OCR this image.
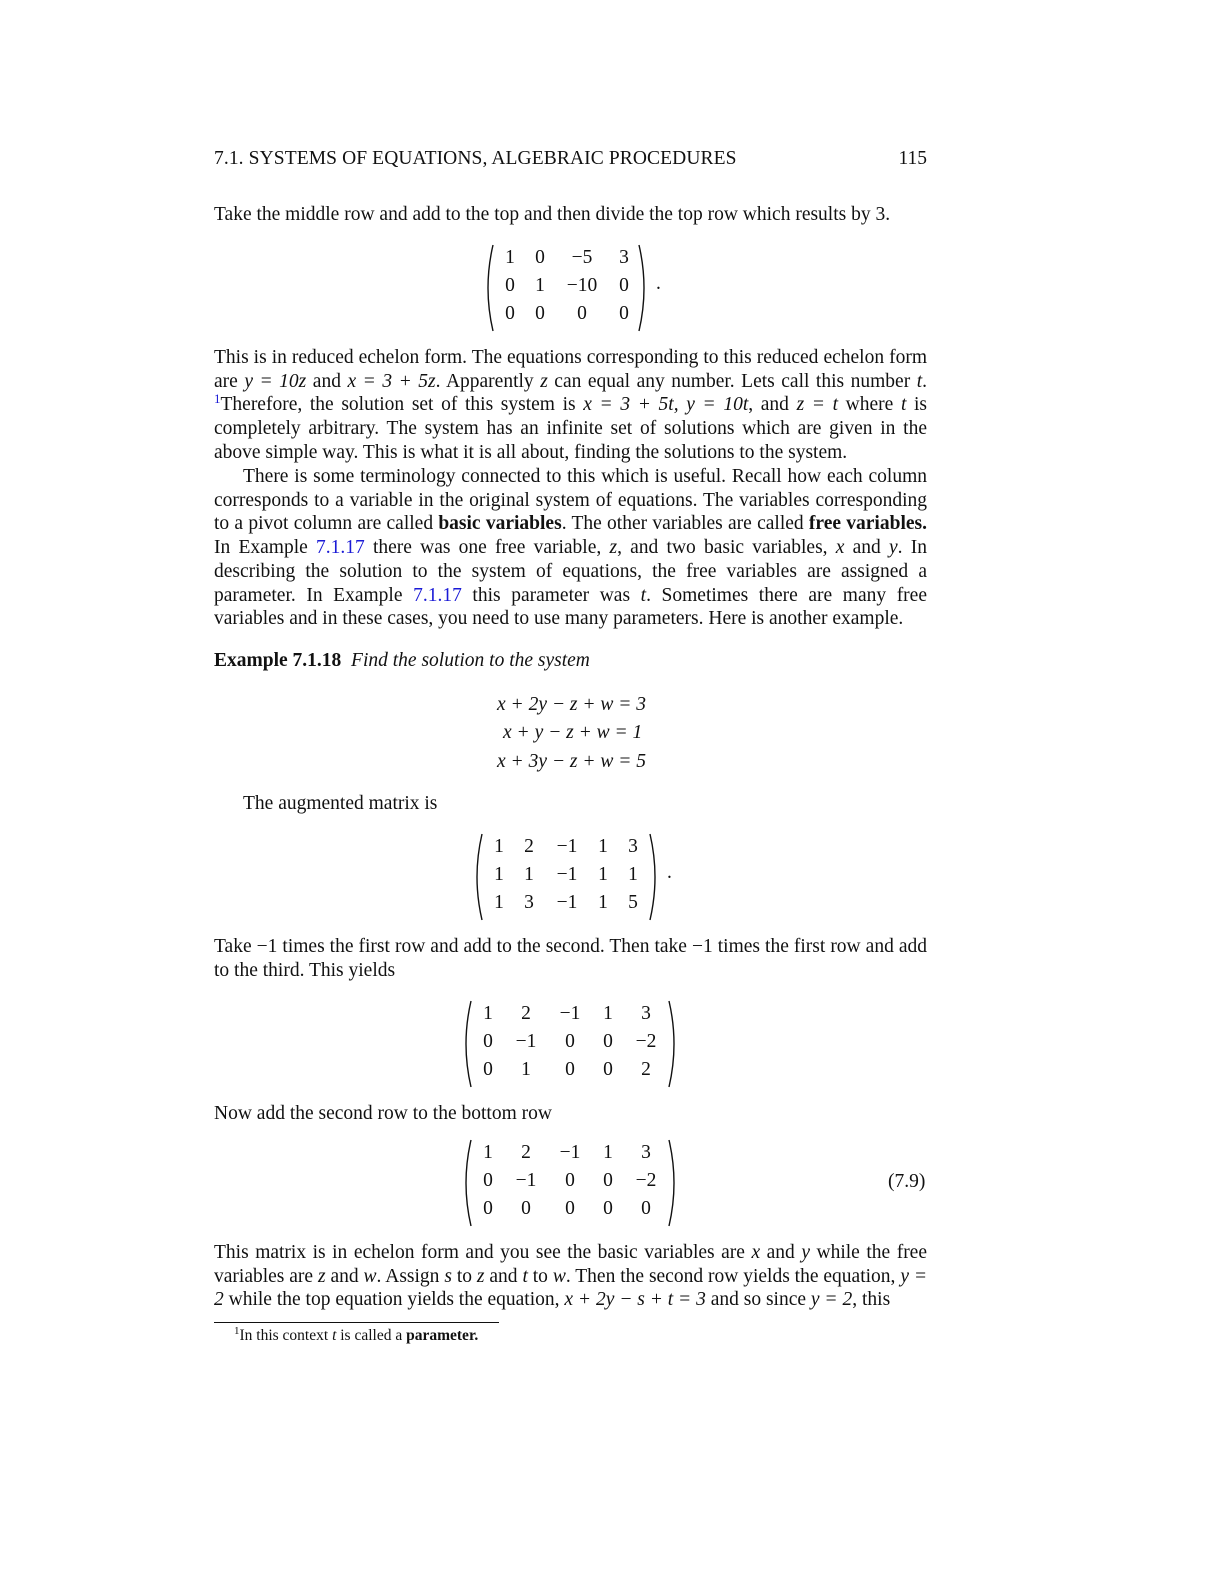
7.1. SYSTEMS OF EQUATIONS, ALGEBRAIC PROCEDURES	115

Take the middle row and add to the top and then divide the top row which results by 3.

1	0	−5	3
0	1	−10	0
0	0	0	0
.

This is in reduced echelon form. The equations corresponding to this reduced echelon form are y = 10z and x = 3 + 5z. Apparently z can equal any number. Lets call this number t. $^1$Therefore, the solution set of this system is x = 3 + 5t, y = 10t, and z = t where t is completely arbitrary. The system has an infinite set of solutions which are given in the above simple way. This is what it is all about, finding the solutions to the system.

There is some terminology connected to this which is useful. Recall how each column corresponds to a variable in the original system of equations. The variables corresponding to a pivot column are called basic variables. The other variables are called free variables. In Example 7.1.17 there was one free variable, z, and two basic variables, x and y. In describing the solution to the system of equations, the free variables are assigned a parameter. In Example 7.1.17 this parameter was t. Sometimes there are many free variables and in these cases, you need to use many parameters. Here is another example.

Example 7.1.18 Find the solution to the system

x + 2y − z + w = 3
x + y − z + w = 1
x + 3y − z + w = 5

The augmented matrix is

1	2	−1	1	3
1	1	−1	1	1
1	3	−1	1	5
.

Take −1 times the first row and add to the second. Then take −1 times the first row and add to the third. This yields

1	2	−1	1	3
0	−1	0	0	−2
0	1	0	0	2

Now add the second row to the bottom row

1	2	−1	1	3
0	−1	0	0	−2
0	0	0	0	0
(7.9)

This matrix is in echelon form and you see the basic variables are x and y while the free variables are z and w. Assign s to z and t to w. Then the second row yields the equation, y = 2 while the top equation yields the equation, x + 2y − s + t = 3 and so since y = 2, this

$^1$In this context t is called a parameter.
